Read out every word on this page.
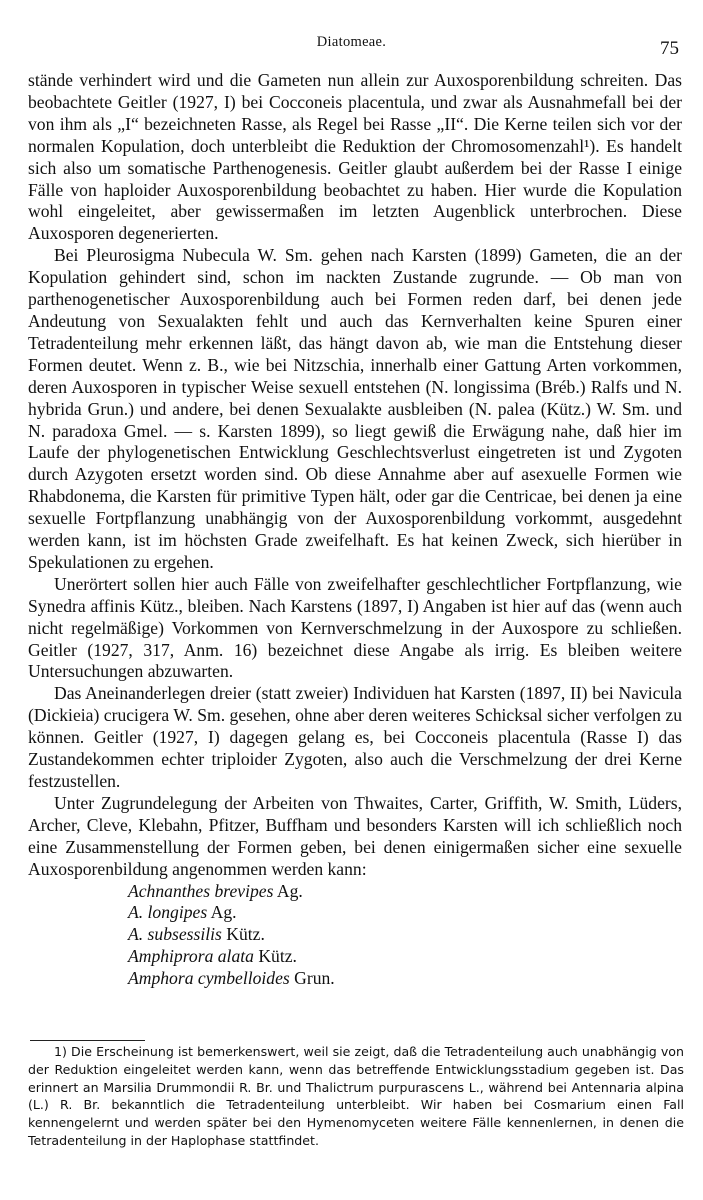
Diatomeae.	75

stände verhindert wird und die Gameten nun allein zur Auxosporenbildung schreiten. Das beobachtete Geitler (1927, I) bei Cocconeis placentula, und zwar als Ausnahmefall bei der von ihm als „I“ bezeichneten Rasse, als Regel bei Rasse „II“. Die Kerne teilen sich vor der normalen Kopulation, doch unterbleibt die Reduktion der Chromosomenzahl¹). Es handelt sich also um somatische Parthenogenesis. Geitler glaubt außerdem bei der Rasse I einige Fälle von haploider Auxosporenbildung beobachtet zu haben. Hier wurde die Kopulation wohl eingeleitet, aber gewissermaßen im letzten Augenblick unterbrochen. Diese Auxosporen degenerierten.

Bei Pleurosigma Nubecula W. Sm. gehen nach Karsten (1899) Gameten, die an der Kopulation gehindert sind, schon im nackten Zustande zugrunde. — Ob man von parthenogenetischer Auxosporenbildung auch bei Formen reden darf, bei denen jede Andeutung von Sexualakten fehlt und auch das Kernverhalten keine Spuren einer Tetradenteilung mehr erkennen läßt, das hängt davon ab, wie man die Entstehung dieser Formen deutet. Wenn z. B., wie bei Nitzschia, innerhalb einer Gattung Arten vorkommen, deren Auxosporen in typischer Weise sexuell entstehen (N. longissima (Bréb.) Ralfs und N. hybrida Grun.) und andere, bei denen Sexualakte ausbleiben (N. palea (Kütz.) W. Sm. und N. paradoxa Gmel. — s. Karsten 1899), so liegt gewiß die Erwägung nahe, daß hier im Laufe der phylogenetischen Entwicklung Geschlechtsverlust eingetreten ist und Zygoten durch Azygoten ersetzt worden sind. Ob diese Annahme aber auf asexuelle Formen wie Rhabdonema, die Karsten für primitive Typen hält, oder gar die Centricae, bei denen ja eine sexuelle Fortpflanzung unabhängig von der Auxosporenbildung vorkommt, ausgedehnt werden kann, ist im höchsten Grade zweifelhaft. Es hat keinen Zweck, sich hierüber in Spekulationen zu ergehen.

Unerörtert sollen hier auch Fälle von zweifelhafter geschlechtlicher Fortpflanzung, wie Synedra affinis Kütz., bleiben. Nach Karstens (1897, I) Angaben ist hier auf das (wenn auch nicht regelmäßige) Vorkommen von Kernverschmelzung in der Auxospore zu schließen. Geitler (1927, 317, Anm. 16) bezeichnet diese Angabe als irrig. Es bleiben weitere Untersuchungen abzuwarten.

Das Aneinanderlegen dreier (statt zweier) Individuen hat Karsten (1897, II) bei Navicula (Dickieia) crucigera W. Sm. gesehen, ohne aber deren weiteres Schicksal sicher verfolgen zu können. Geitler (1927, I) dagegen gelang es, bei Cocconeis placentula (Rasse I) das Zustandekommen echter triploider Zygoten, also auch die Verschmelzung der drei Kerne festzustellen.

Unter Zugrundelegung der Arbeiten von Thwaites, Carter, Griffith, W. Smith, Lüders, Archer, Cleve, Klebahn, Pfitzer, Buffham und besonders Karsten will ich schließlich noch eine Zusammenstellung der Formen geben, bei denen einigermaßen sicher eine sexuelle Auxosporenbildung angenommen werden kann:

Achnanthes brevipes Ag.
A. longipes Ag.
A. subsessilis Kütz.
Amphiprora alata Kütz.
Amphora cymbelloides Grun.

1) Die Erscheinung ist bemerkenswert, weil sie zeigt, daß die Tetradenteilung auch unabhängig von der Reduktion eingeleitet werden kann, wenn das betreffende Entwicklungsstadium gegeben ist. Das erinnert an Marsilia Drummondii R. Br. und Thalictrum purpurascens L., während bei Antennaria alpina (L.) R. Br. bekanntlich die Tetradenteilung unterbleibt. Wir haben bei Cosmarium einen Fall kennengelernt und werden später bei den Hymenomyceten weitere Fälle kennenlernen, in denen die Tetradenteilung in der Haplophase stattfindet.
